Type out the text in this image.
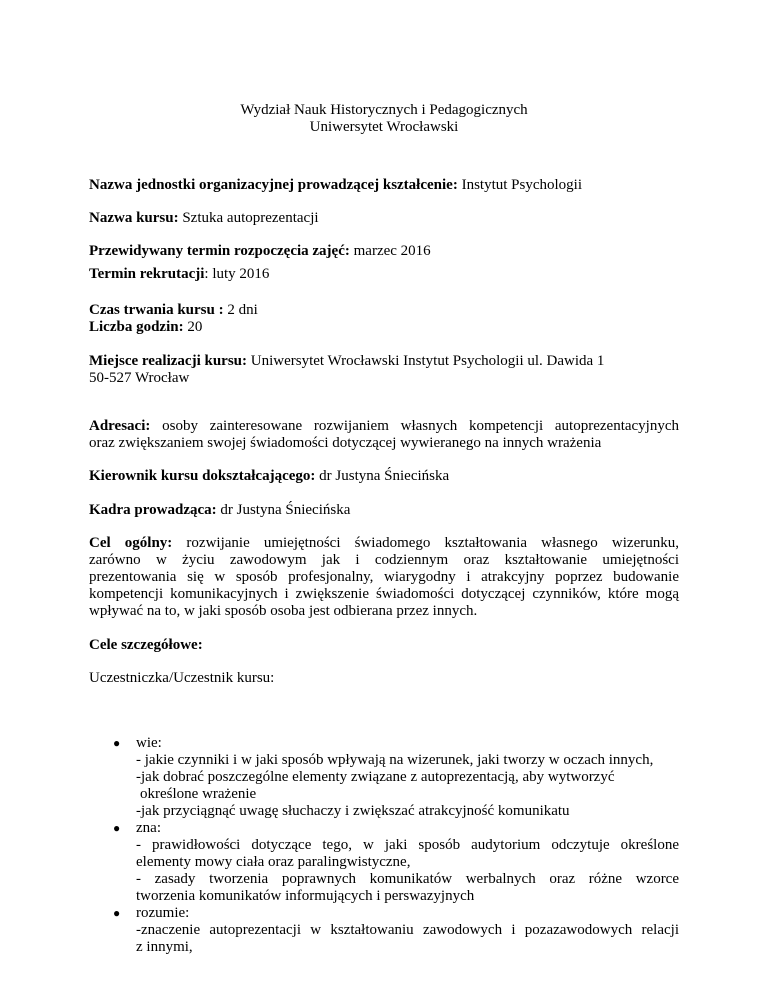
Wydział Nauk Historycznych i Pedagogicznych
Uniwersytet Wrocławski
Nazwa jednostki organizacyjnej prowadzącej kształcenie: Instytut Psychologii
Nazwa kursu: Sztuka autoprezentacji
Przewidywany termin rozpoczęcia zajęć: marzec 2016
Termin rekrutacji: luty 2016
Czas trwania kursu : 2 dni
Liczba godzin: 20
Miejsce realizacji kursu: Uniwersytet Wrocławski Instytut Psychologii ul. Dawida 1
50-527 Wrocław
Adresaci: osoby zainteresowane rozwijaniem własnych kompetencji autoprezentacyjnych
oraz zwiększaniem swojej świadomości dotyczącej wywieranego na innych wrażenia
Kierownik kursu dokształcającego: dr Justyna Śniecińska
Kadra prowadząca: dr Justyna Śniecińska
Cel ogólny: rozwijanie umiejętności świadomego kształtowania własnego wizerunku,
zarówno w życiu zawodowym jak i codziennym oraz kształtowanie umiejętności
prezentowania się w sposób profesjonalny, wiarygodny i atrakcyjny poprzez budowanie
kompetencji komunikacyjnych i zwiększenie świadomości dotyczącej czynników, które mogą
wpływać na to, w jaki sposób osoba jest odbierana przez innych.
Cele szczegółowe:
Uczestniczka/Uczestnik kursu:
● wie:
- jakie czynniki i w jaki sposób wpływają na wizerunek, jaki tworzy w oczach innych,
-jak dobrać poszczególne elementy związane z autoprezentacją, aby wytworzyć
określone wrażenie
-jak przyciągnąć uwagę słuchaczy i zwiększać atrakcyjność komunikatu
● zna:
- prawidłowości dotyczące tego, w jaki sposób audytorium odczytuje określone
elementy mowy ciała oraz paralingwistyczne,
- zasady tworzenia poprawnych komunikatów werbalnych oraz różne wzorce
tworzenia komunikatów informujących i perswazyjnych
● rozumie:
-znaczenie autoprezentacji w kształtowaniu zawodowych i pozazawodowych relacji
z innymi,
